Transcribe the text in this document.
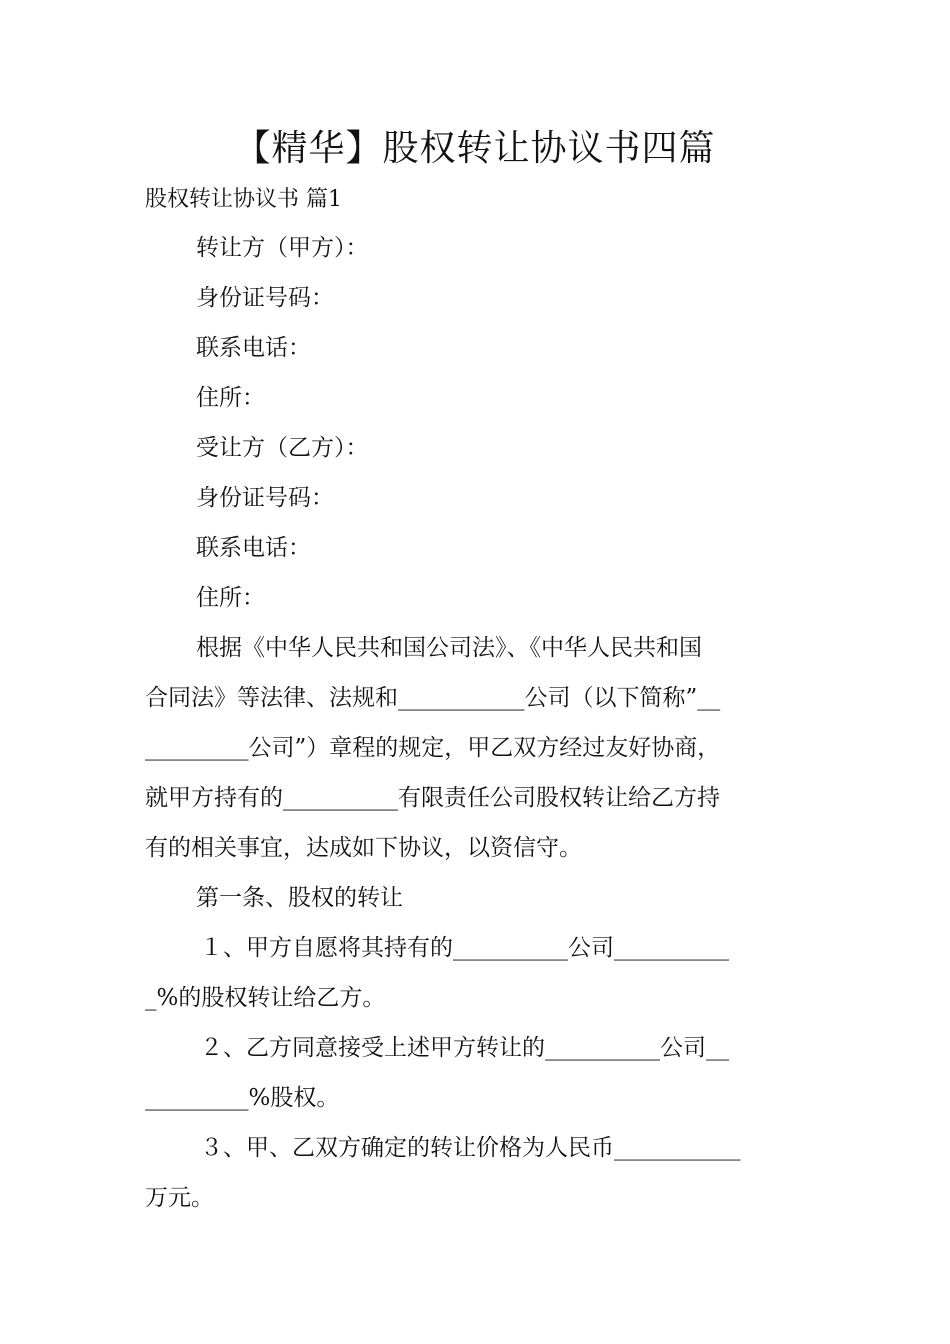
【精华】股权转让协议书四篇

股权转让协议书 篇1

转让方（甲方）：

身份证号码：

联系电话：

住所：

受让方（乙方）：

身份证号码：

联系电话：

住所：

根据《中华人民共和国公司法》、《中华人民共和国

合同法》等法律、法规和___________公司（以下简称”__

_________公司”）章程的规定，甲乙双方经过友好协商，

就甲方持有的__________有限责任公司股权转让给乙方持

有的相关事宜，达成如下协议，以资信守。

第一条、股权的转让

１、甲方自愿将其持有的__________公司__________

_%的股权转让给乙方。

２、乙方同意接受上述甲方转让的__________公司__

_________%股权。

３、甲、乙双方确定的转让价格为人民币___________

万元。
